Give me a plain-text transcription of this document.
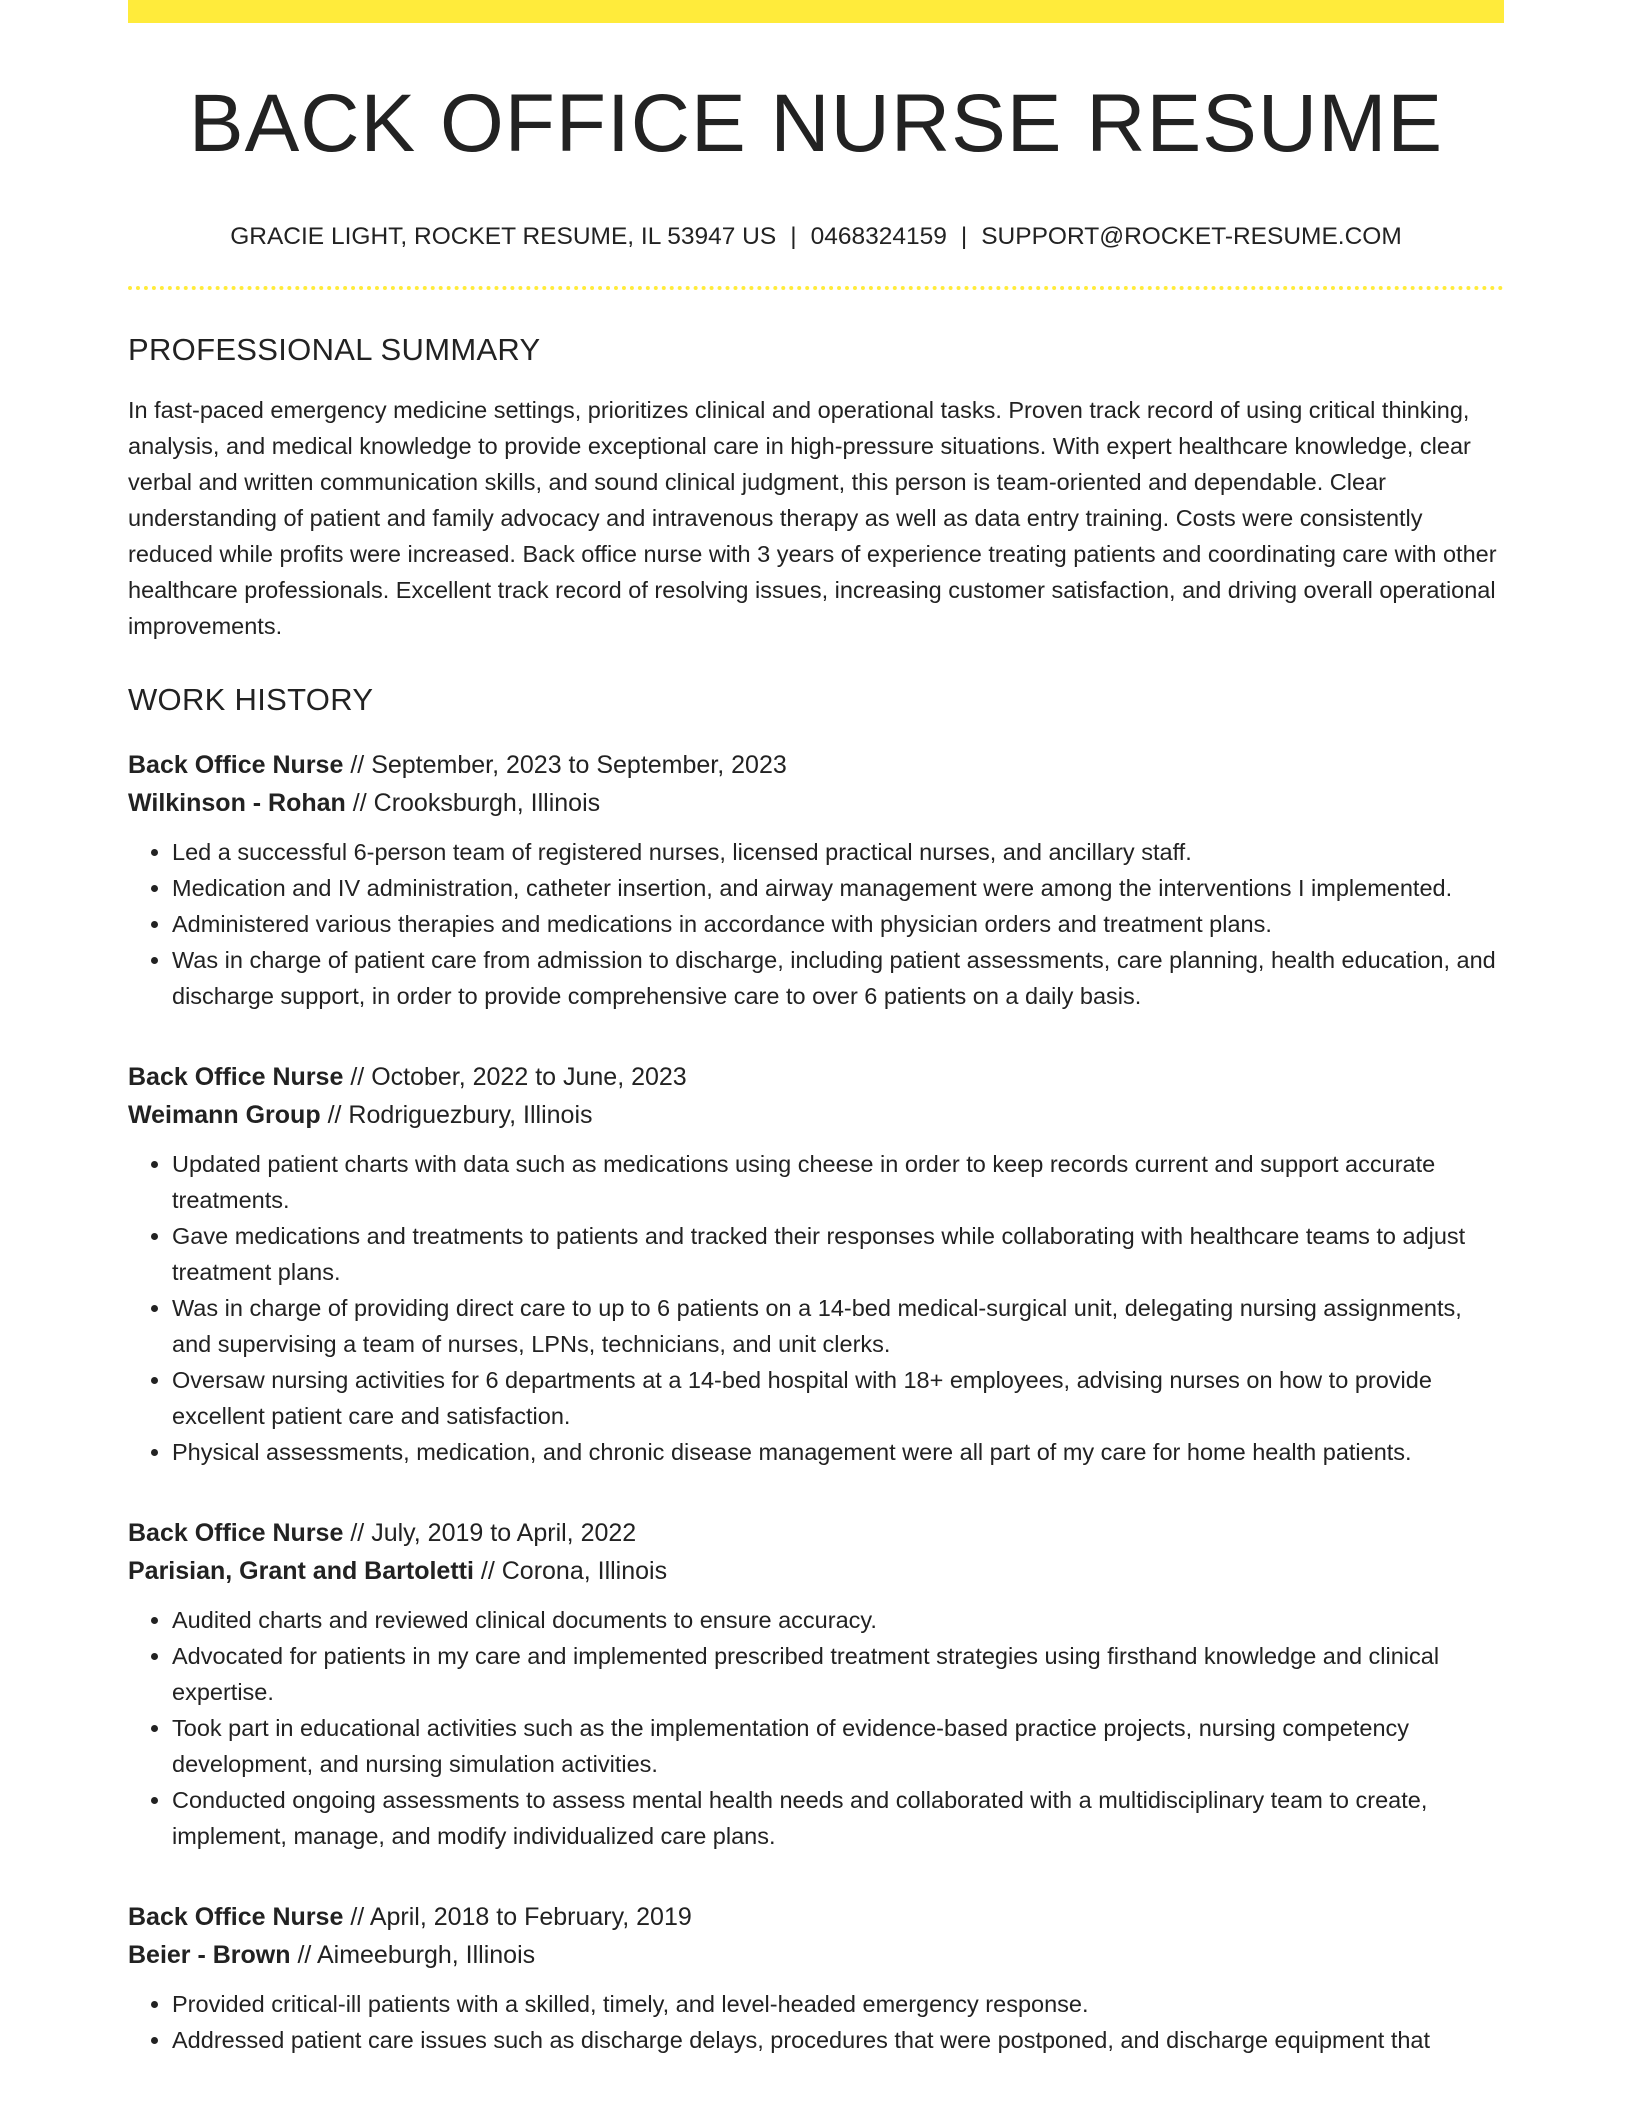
BACK OFFICE NURSE RESUME
GRACIE LIGHT, ROCKET RESUME, IL 53947 US | 0468324159 | SUPPORT@ROCKET-RESUME.COM
PROFESSIONAL SUMMARY
In fast-paced emergency medicine settings, prioritizes clinical and operational tasks. Proven track record of using critical thinking, analysis, and medical knowledge to provide exceptional care in high-pressure situations. With expert healthcare knowledge, clear verbal and written communication skills, and sound clinical judgment, this person is team-oriented and dependable. Clear understanding of patient and family advocacy and intravenous therapy as well as data entry training. Costs were consistently reduced while profits were increased. Back office nurse with 3 years of experience treating patients and coordinating care with other healthcare professionals. Excellent track record of resolving issues, increasing customer satisfaction, and driving overall operational improvements.
WORK HISTORY
Back Office Nurse // September, 2023 to September, 2023
Wilkinson - Rohan // Crooksburgh, Illinois
• Led a successful 6-person team of registered nurses, licensed practical nurses, and ancillary staff.
• Medication and IV administration, catheter insertion, and airway management were among the interventions I implemented.
• Administered various therapies and medications in accordance with physician orders and treatment plans.
• Was in charge of patient care from admission to discharge, including patient assessments, care planning, health education, and discharge support, in order to provide comprehensive care to over 6 patients on a daily basis.
Back Office Nurse // October, 2022 to June, 2023
Weimann Group // Rodriguezbury, Illinois
• Updated patient charts with data such as medications using cheese in order to keep records current and support accurate treatments.
• Gave medications and treatments to patients and tracked their responses while collaborating with healthcare teams to adjust treatment plans.
• Was in charge of providing direct care to up to 6 patients on a 14-bed medical-surgical unit, delegating nursing assignments, and supervising a team of nurses, LPNs, technicians, and unit clerks.
• Oversaw nursing activities for 6 departments at a 14-bed hospital with 18+ employees, advising nurses on how to provide excellent patient care and satisfaction.
• Physical assessments, medication, and chronic disease management were all part of my care for home health patients.
Back Office Nurse // July, 2019 to April, 2022
Parisian, Grant and Bartoletti // Corona, Illinois
• Audited charts and reviewed clinical documents to ensure accuracy.
• Advocated for patients in my care and implemented prescribed treatment strategies using firsthand knowledge and clinical expertise.
• Took part in educational activities such as the implementation of evidence-based practice projects, nursing competency development, and nursing simulation activities.
• Conducted ongoing assessments to assess mental health needs and collaborated with a multidisciplinary team to create, implement, manage, and modify individualized care plans.
Back Office Nurse // April, 2018 to February, 2019
Beier - Brown // Aimeeburgh, Illinois
• Provided critical-ill patients with a skilled, timely, and level-headed emergency response.
• Addressed patient care issues such as discharge delays, procedures that were postponed, and discharge equipment that
